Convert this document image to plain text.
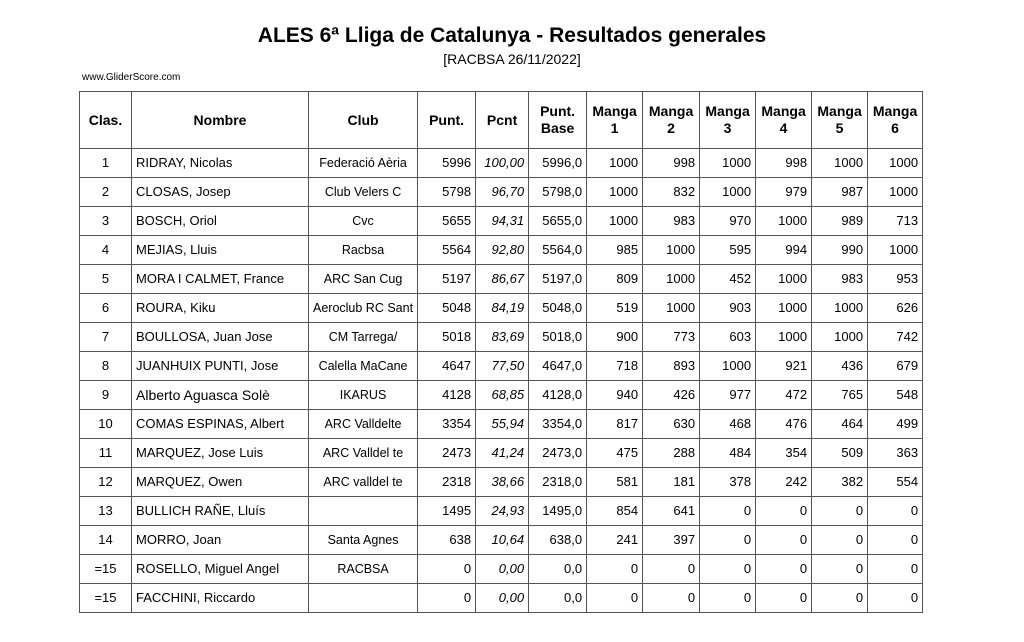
ALES 6ª Lliga de Catalunya - Resultados generales
[RACBSA 26/11/2022]
www.GliderScore.com
Clas.	Nombre	Club	Punt.	Pcnt	Punt. Base	Manga 1	Manga 2	Manga 3	Manga 4	Manga 5	Manga 6
1	RIDRAY, Nicolas	Federació Aèria	5996	100,00	5996,0	1000	998	1000	998	1000	1000
2	CLOSAS, Josep	Club Velers C	5798	96,70	5798,0	1000	832	1000	979	987	1000
3	BOSCH, Oriol	Cvc	5655	94,31	5655,0	1000	983	970	1000	989	713
4	MEJIAS, Lluis	Racbsa	5564	92,80	5564,0	985	1000	595	994	990	1000
5	MORA I CALMET, France	ARC San Cug	5197	86,67	5197,0	809	1000	452	1000	983	953
6	ROURA, Kiku	Aeroclub RC Sant	5048	84,19	5048,0	519	1000	903	1000	1000	626
7	BOULLOSA, Juan Jose	CM Tarrega/	5018	83,69	5018,0	900	773	603	1000	1000	742
8	JUANHUIX PUNTI, Jose	Calella MaCane	4647	77,50	4647,0	718	893	1000	921	436	679
9	Alberto Aguasca Solè	IKARUS	4128	68,85	4128,0	940	426	977	472	765	548
10	COMAS ESPINAS, Albert	ARC Valldelte	3354	55,94	3354,0	817	630	468	476	464	499
11	MARQUEZ, Jose Luis	ARC Valldel te	2473	41,24	2473,0	475	288	484	354	509	363
12	MARQUEZ, Owen	ARC valldel te	2318	38,66	2318,0	581	181	378	242	382	554
13	BULLICH RAÑE, Lluís		1495	24,93	1495,0	854	641	0	0	0	0
14	MORRO, Joan	Santa Agnes	638	10,64	638,0	241	397	0	0	0	0
=15	ROSELLO, Miguel Angel	RACBSA	0	0,00	0,0	0	0	0	0	0	0
=15	FACCHINI, Riccardo		0	0,00	0,0	0	0	0	0	0	0
